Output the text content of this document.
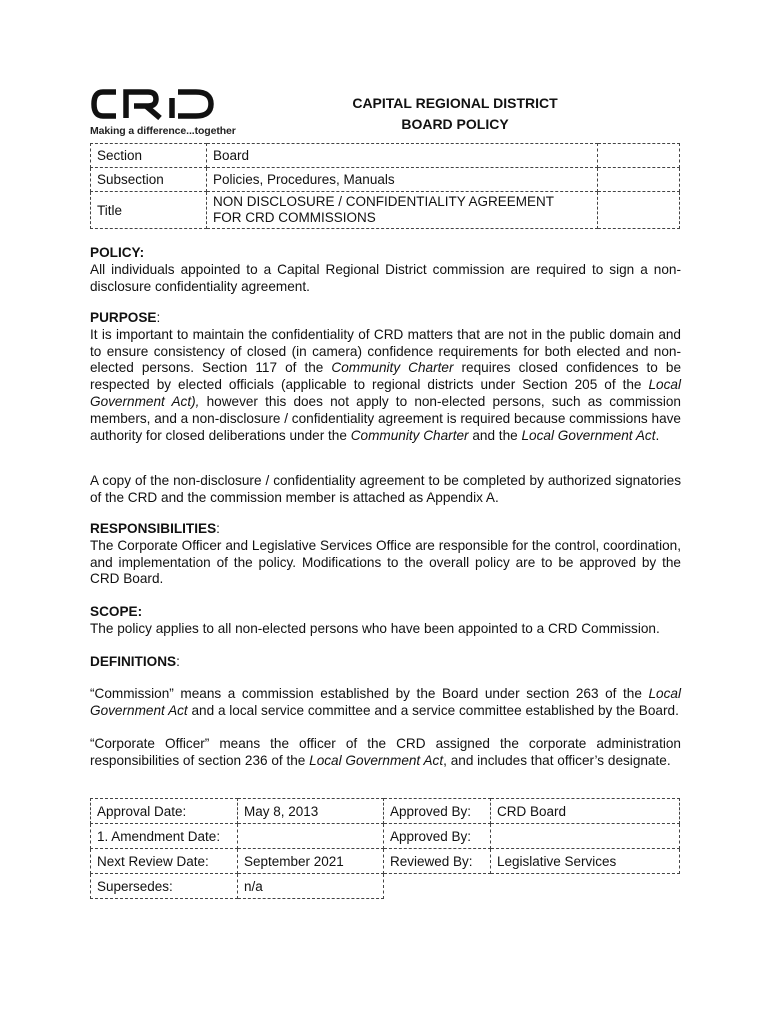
Making a difference...together
CAPITAL REGIONAL DISTRICT
BOARD POLICY
Section	Board	
Subsection	Policies, Procedures, Manuals	
Title	NON DISCLOSURE / CONFIDENTIALITY AGREEMENT
FOR CRD COMMISSIONS	

POLICY:

All individuals appointed to a Capital Regional District commission are required to sign a non-disclosure confidentiality agreement.

PURPOSE:

It is important to maintain the confidentiality of CRD matters that are not in the public domain and to ensure consistency of closed (in camera) confidence requirements for both elected and non-elected persons. Section 117 of the Community Charter requires closed confidences to be respected by elected officials (applicable to regional districts under Section 205 of the Local Government Act), however this does not apply to non-elected persons, such as commission members, and a non-disclosure / confidentiality agreement is required because commissions have authority for closed deliberations under the Community Charter and the Local Government Act.

A copy of the non-disclosure / confidentiality agreement to be completed by authorized signatories of the CRD and the commission member is attached as Appendix A.

RESPONSIBILITIES:

The Corporate Officer and Legislative Services Office are responsible for the control, coordination, and implementation of the policy. Modifications to the overall policy are to be approved by the CRD Board.

SCOPE:

The policy applies to all non-elected persons who have been appointed to a CRD Commission.

DEFINITIONS:

“Commission” means a commission established by the Board under section 263 of the Local Government Act and a local service committee and a service committee established by the Board.

“Corporate Officer” means the officer of the CRD assigned the corporate administration responsibilities of section 236 of the Local Government Act, and includes that officer’s designate.

Approval Date:	May 8, 2013	Approved By:	CRD Board
1. Amendment Date:		Approved By:	
Next Review Date:	September 2021	Reviewed By:	Legislative Services
Supersedes:	n/a		
